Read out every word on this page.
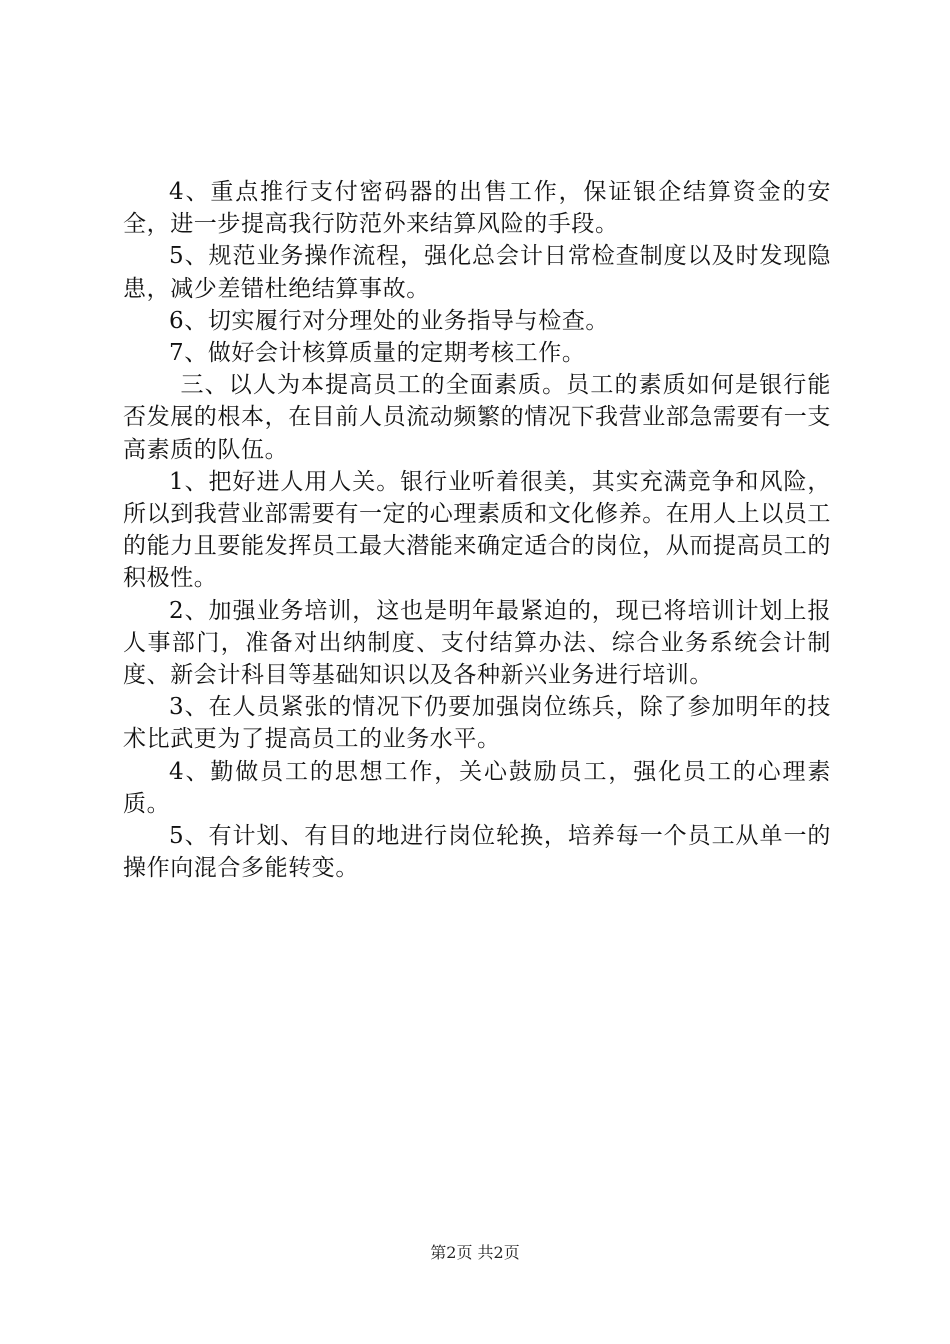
4、重点推行支付密码器的出售工作，保证银企结算资金的安全，进一步提高我行防范外来结算风险的手段。

5、规范业务操作流程，强化总会计日常检查制度以及时发现隐患，减少差错杜绝结算事故。

6、切实履行对分理处的业务指导与检查。

7、做好会计核算质量的定期考核工作。

三、以人为本提高员工的全面素质。员工的素质如何是银行能否发展的根本，在目前人员流动频繁的情况下我营业部急需要有一支高素质的队伍。

1、把好进人用人关。银行业听着很美，其实充满竞争和风险，所以到我营业部需要有一定的心理素质和文化修养。在用人上以员工的能力且要能发挥员工最大潜能来确定适合的岗位，从而提高员工的积极性。

2、加强业务培训，这也是明年最紧迫的，现已将培训计划上报人事部门，准备对出纳制度、支付结算办法、综合业务系统会计制度、新会计科目等基础知识以及各种新兴业务进行培训。

3、在人员紧张的情况下仍要加强岗位练兵，除了参加明年的技术比武更为了提高员工的业务水平。

4、勤做员工的思想工作，关心鼓励员工，强化员工的心理素质。

5、有计划、有目的地进行岗位轮换，培养每一个员工从单一的操作向混合多能转变。

第2页 共2页
